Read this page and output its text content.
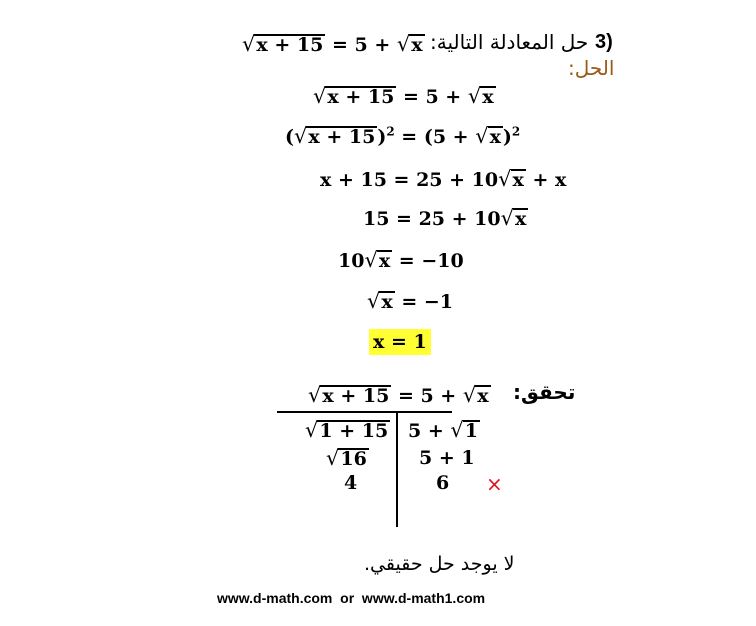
√x + 15 = 5 + √x حل المعادلة التالية: 3)
الحل:
√x + 15 = 5 + √x
(√x + 15 )$^2$ = (5 + √x )$^2$
x + 15 = 25 + 10√x + x
15 = 25 + 10√x
10√x = −10
√x = −1
x = 1
تحقق:
√x + 15 = 5 + √x
√1 + 15
√16
4
5 + √1
5 + 1
6 ×
لا يوجد حل حقيقي.
www.d-math.com  or  www.d-math1.com
